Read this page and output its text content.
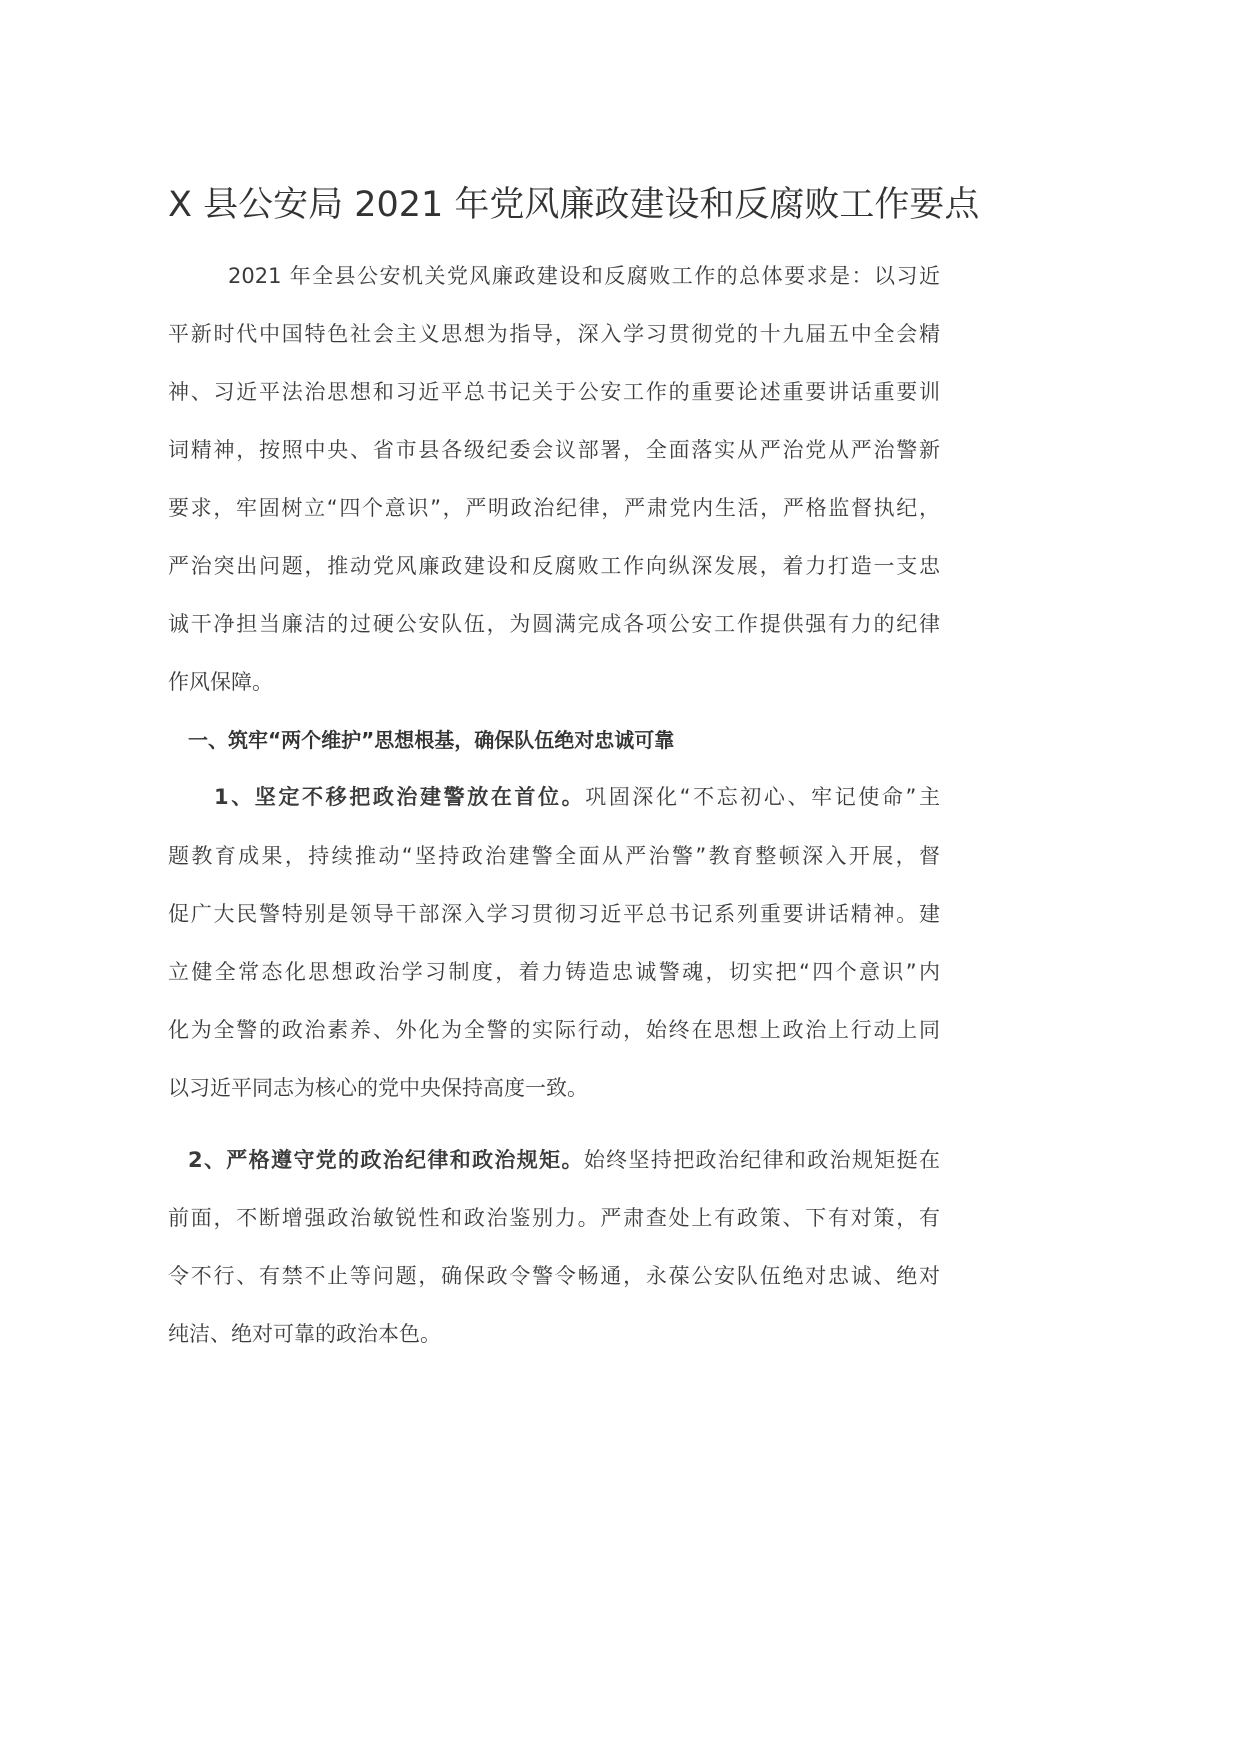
X 县公安局 2021 年党风廉政建设和反腐败工作要点
2021 年全县公安机关党风廉政建设和反腐败工作的总体要求是：以习近
平新时代中国特色社会主义思想为指导，深入学习贯彻党的十九届五中全会精
神、习近平法治思想和习近平总书记关于公安工作的重要论述重要讲话重要训
词精神，按照中央、省市县各级纪委会议部署，全面落实从严治党从严治警新
要求，牢固树立“四个意识”，严明政治纪律，严肃党内生活，严格监督执纪，
严治突出问题，推动党风廉政建设和反腐败工作向纵深发展，着力打造一支忠
诚干净担当廉洁的过硬公安队伍，为圆满完成各项公安工作提供强有力的纪律
作风保障。
一、筑牢“两个维护”思想根基，确保队伍绝对忠诚可靠
1、坚定不移把政治建警放在首位。巩固深化“不忘初心、牢记使命”主
题教育成果，持续推动“坚持政治建警全面从严治警”教育整顿深入开展，督
促广大民警特别是领导干部深入学习贯彻习近平总书记系列重要讲话精神。建
立健全常态化思想政治学习制度，着力铸造忠诚警魂，切实把“四个意识”内
化为全警的政治素养、外化为全警的实际行动，始终在思想上政治上行动上同
以习近平同志为核心的党中央保持高度一致。
2、严格遵守党的政治纪律和政治规矩。始终坚持把政治纪律和政治规矩挺在
前面，不断增强政治敏锐性和政治鉴别力。严肃查处上有政策、下有对策，有
令不行、有禁不止等问题，确保政令警令畅通，永葆公安队伍绝对忠诚、绝对
纯洁、绝对可靠的政治本色。
